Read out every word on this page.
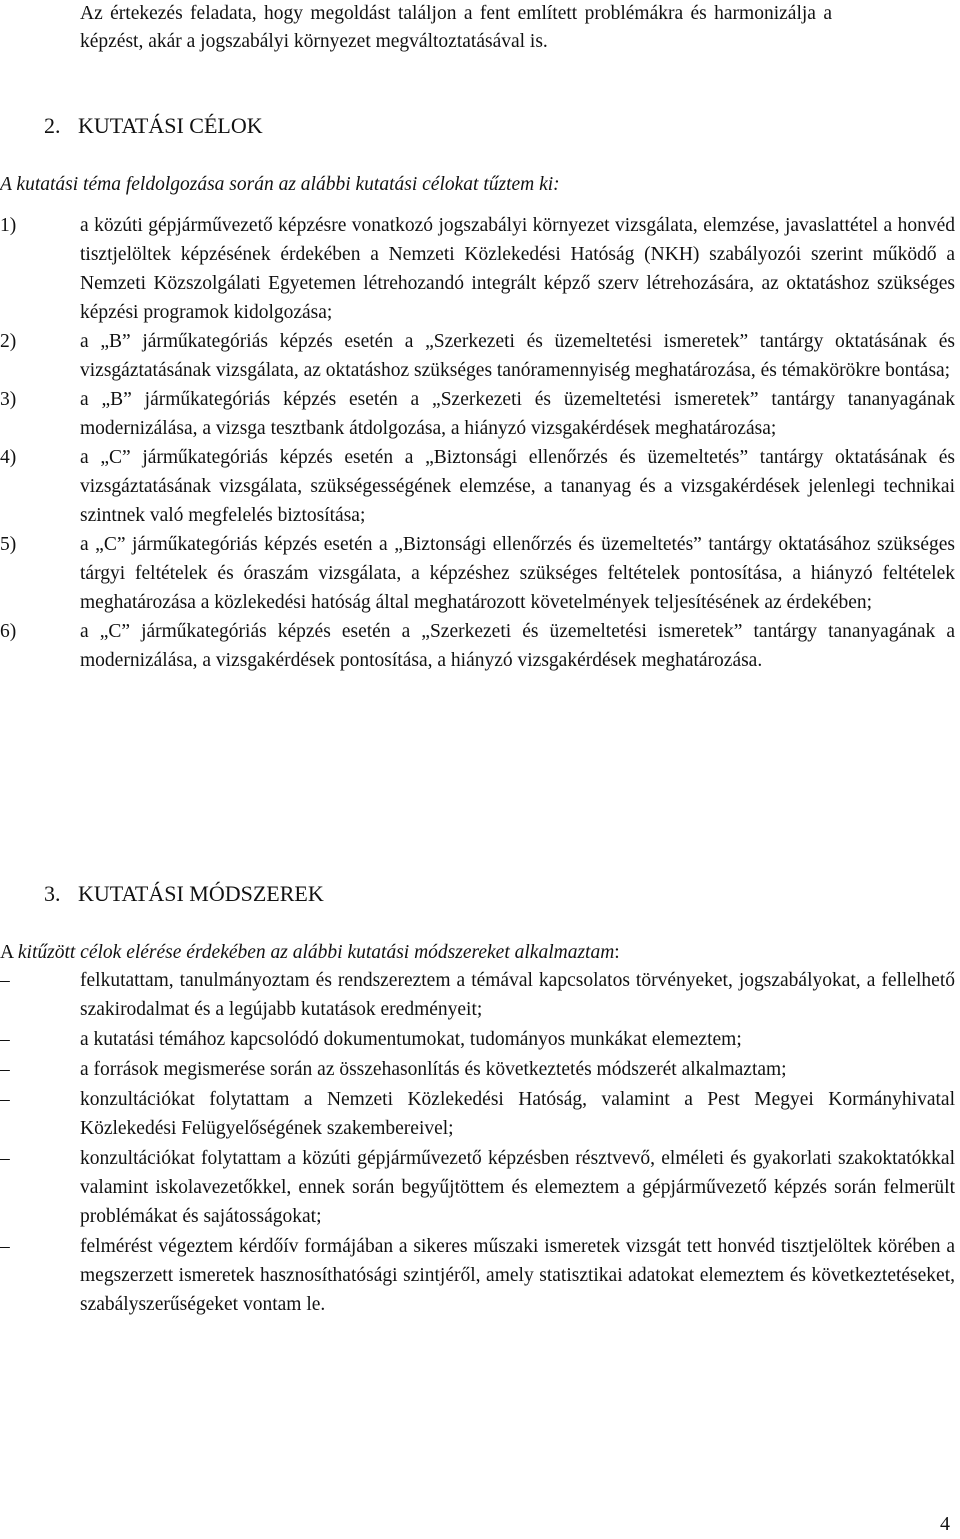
Az értekezés feladata, hogy megoldást találjon a fent említett problémákra és harmonizálja a képzést, akár a jogszabályi környezet megváltoztatásával is.

2. KUTATÁSI CÉLOK

A kutatási téma feldolgozása során az alábbi kutatási célokat tűztem ki:

1)	a közúti gépjárművezető képzésre vonatkozó jogszabályi környezet vizsgálata, elemzése, javaslattétel a honvéd tisztjelöltek képzésének érdekében a Nemzeti Közlekedési Hatóság (NKH) szabályozói szerint működő a Nemzeti Közszolgálati Egyetemen létrehozandó integrált képző szerv létrehozására, az oktatáshoz szükséges képzési programok kidolgozása;
2)	a „B” járműkategóriás képzés esetén a „Szerkezeti és üzemeltetési ismeretek” tantárgy oktatásának és vizsgáztatásának vizsgálata, az oktatáshoz szükséges tanóramennyiség meghatározása, és témakörökre bontása;
3)	a „B” járműkategóriás képzés esetén a „Szerkezeti és üzemeltetési ismeretek” tantárgy tananyagának modernizálása, a vizsga tesztbank átdolgozása, a hiányzó vizsgakérdések meghatározása;
4)	a „C” járműkategóriás képzés esetén a „Biztonsági ellenőrzés és üzemeltetés” tantárgy oktatásának és vizsgáztatásának vizsgálata, szükségességének elemzése, a tananyag és a vizsgakérdések jelenlegi technikai szintnek való megfelelés biztosítása;
5)	a „C” járműkategóriás képzés esetén a „Biztonsági ellenőrzés és üzemeltetés” tantárgy oktatásához szükséges tárgyi feltételek és óraszám vizsgálata, a képzéshez szükséges feltételek pontosítása, a hiányzó feltételek meghatározása a közlekedési hatóság által meghatározott követelmények teljesítésének az érdekében;
6)	a „C” járműkategóriás képzés esetén a „Szerkezeti és üzemeltetési ismeretek” tantárgy tananyagának a modernizálása, a vizsgakérdések pontosítása, a hiányzó vizsgakérdések meghatározása.
3. KUTATÁSI MÓDSZEREK

A kitűzött célok elérése érdekében az alábbi kutatási módszereket alkalmaztam:

–	felkutattam, tanulmányoztam és rendszereztem a témával kapcsolatos törvényeket, jogszabályokat, a fellelhető szakirodalmat és a legújabb kutatások eredményeit;
–	a kutatási témához kapcsolódó dokumentumokat, tudományos munkákat elemeztem;
–	a források megismerése során az összehasonlítás és következtetés módszerét alkalmaztam;
–	konzultációkat folytattam a Nemzeti Közlekedési Hatóság, valamint a Pest Megyei Kormányhivatal Közlekedési Felügyelőségének szakembereivel;
–	konzultációkat folytattam a közúti gépjárművezető képzésben résztvevő, elméleti és gyakorlati szakoktatókkal valamint iskolavezetőkkel, ennek során begyűjtöttem és elemeztem a gépjárművezető képzés során felmerült problémákat és sajátosságokat;
–	felmérést végeztem kérdőív formájában a sikeres műszaki ismeretek vizsgát tett honvéd tisztjelöltek körében a megszerzett ismeretek hasznosíthatósági szintjéről, amely statisztikai adatokat elemeztem és következtetéseket, szabályszerűségeket vontam le.
4
